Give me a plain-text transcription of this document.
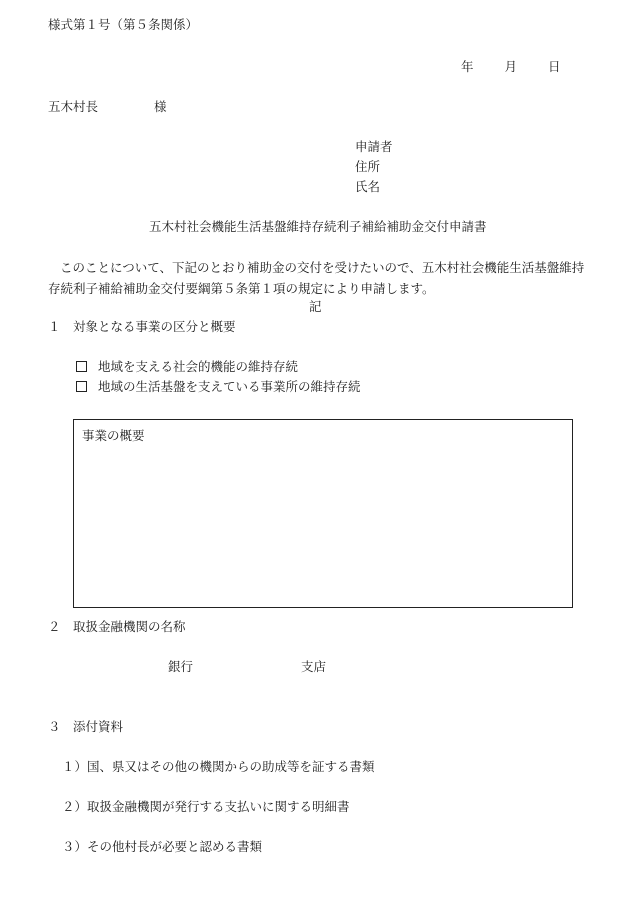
様式第１号（第５条関係）
年 月 日
五木村長	様
申請者
住所
氏名
五木村社会機能生活基盤維持存続利子補給補助金交付申請書
このことについて、下記のとおり補助金の交付を受けたいので、五木村社会機能生活基盤維持存続利子補給補助金交付要綱第５条第１項の規定により申請します。
記
１　対象となる事業の区分と概要
地域を支える社会的機能の維持存続
地域の生活基盤を支えている事業所の維持存続
事業の概要
２　取扱金融機関の名称
銀行	支店
３　添付資料
１）国、県又はその他の機関からの助成等を証する書類
２）取扱金融機関が発行する支払いに関する明細書
３）その他村長が必要と認める書類
